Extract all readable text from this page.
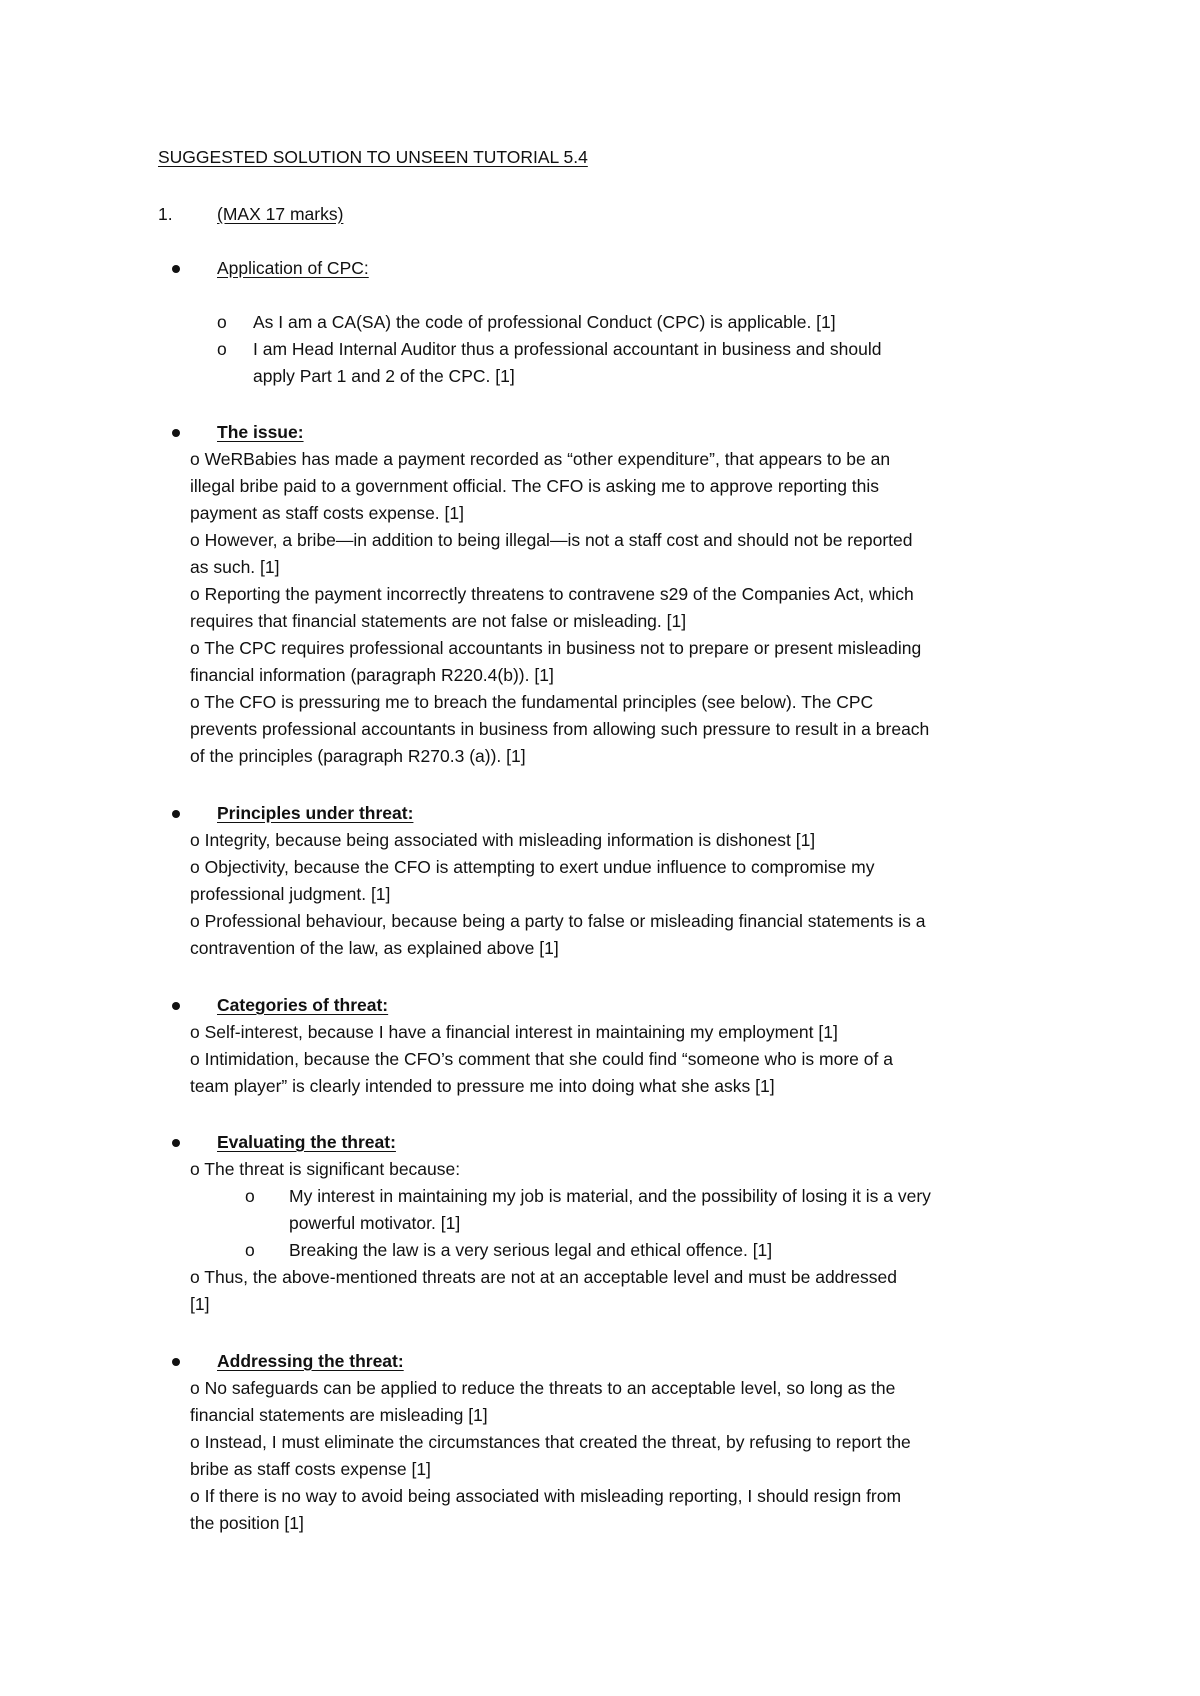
SUGGESTED SOLUTION TO UNSEEN TUTORIAL 5.4
1.	(MAX 17 marks)
Application of CPC:
o As I am a CA(SA) the code of professional Conduct (CPC) is applicable. [1]
o I am Head Internal Auditor thus a professional accountant in business and should
apply Part 1 and 2 of the CPC. [1]
The issue:
o WeRBabies has made a payment recorded as “other expenditure”, that appears to be an
illegal bribe paid to a government official. The CFO is asking me to approve reporting this
payment as staff costs expense. [1]
o However, a bribe—in addition to being illegal—is not a staff cost and should not be reported
as such. [1]
o Reporting the payment incorrectly threatens to contravene s29 of the Companies Act, which
requires that financial statements are not false or misleading. [1]
o The CPC requires professional accountants in business not to prepare or present misleading
financial information (paragraph R220.4(b)). [1]
o The CFO is pressuring me to breach the fundamental principles (see below). The CPC
prevents professional accountants in business from allowing such pressure to result in a breach
of the principles (paragraph R270.3 (a)). [1]
Principles under threat:
o Integrity, because being associated with misleading information is dishonest [1]
o Objectivity, because the CFO is attempting to exert undue influence to compromise my
professional judgment. [1]
o Professional behaviour, because being a party to false or misleading financial statements is a
contravention of the law, as explained above [1]
Categories of threat:
o Self-interest, because I have a financial interest in maintaining my employment [1]
o Intimidation, because the CFO’s comment that she could find “someone who is more of a
team player” is clearly intended to pressure me into doing what she asks [1]
Evaluating the threat:
o The threat is significant because:
o My interest in maintaining my job is material, and the possibility of losing it is a very
powerful motivator. [1]
o Breaking the law is a very serious legal and ethical offence. [1]
o Thus, the above-mentioned threats are not at an acceptable level and must be addressed
[1]
Addressing the threat:
o No safeguards can be applied to reduce the threats to an acceptable level, so long as the
financial statements are misleading [1]
o Instead, I must eliminate the circumstances that created the threat, by refusing to report the
bribe as staff costs expense [1]
o If there is no way to avoid being associated with misleading reporting, I should resign from
the position [1]
